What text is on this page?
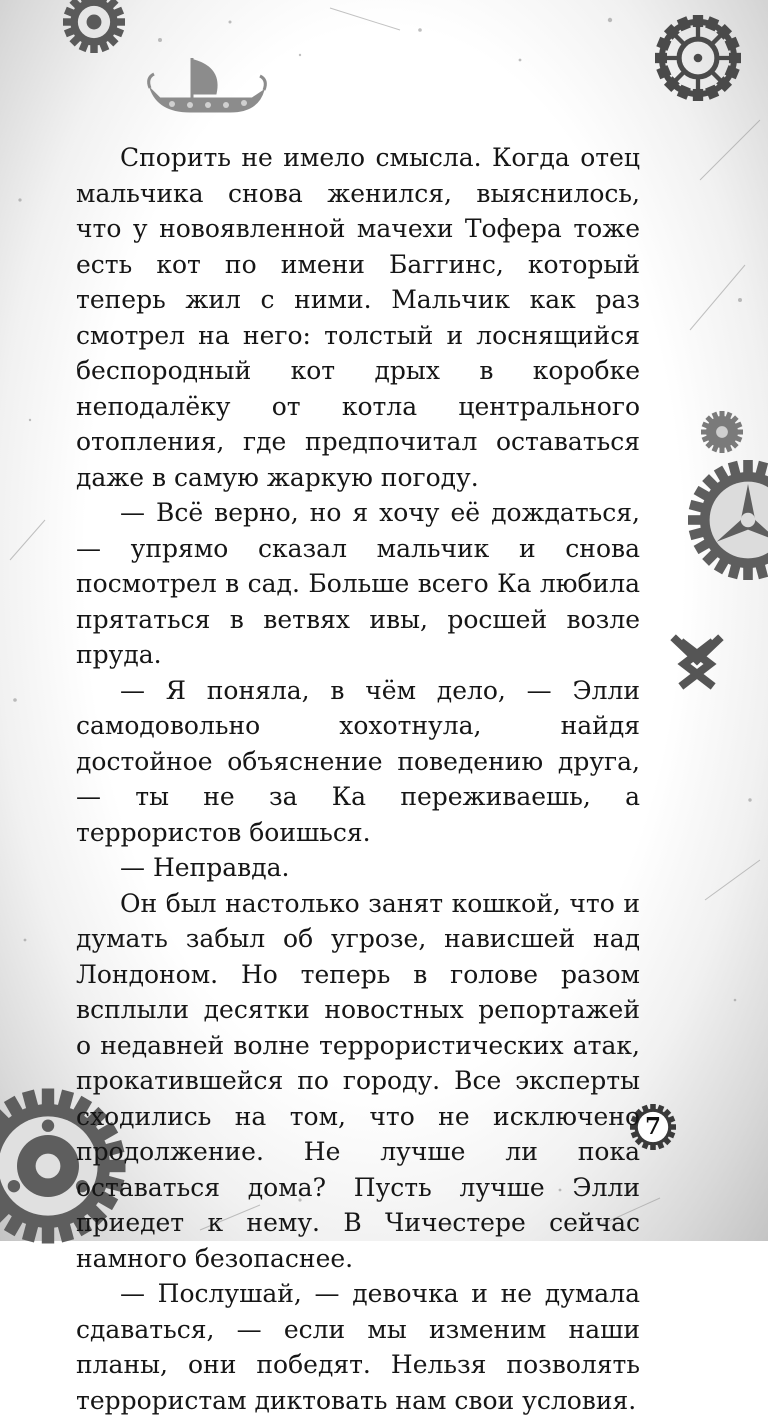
Спорить не имело смысла. Когда отец мальчика снова женился, выяснилось, что у новоявленной мачехи Тофера тоже есть кот по имени Баггинс, который теперь жил с ними. Мальчик как раз смотрел на него: толстый и лоснящийся беспородный кот дрых в коробке неподалёку от котла центрального отопления, где предпочитал оставаться даже в самую жаркую погоду.

— Всё верно, но я хочу её дождаться, — упрямо сказал мальчик и снова посмотрел в сад. Больше всего Ка любила прятаться в ветвях ивы, росшей возле пруда.

— Я поняла, в чём дело, — Элли самодовольно хохотнула, найдя достойное объяснение поведению друга, — ты не за Ка переживаешь, а террористов боишься.

— Неправда.

Он был настолько занят кошкой, что и думать забыл об угрозе, нависшей над Лондоном. Но теперь в голове разом всплыли десятки новостных репортажей о недавней волне террористических атак, прокатившейся по городу. Все эксперты сходились на том, что не исключено продолжение. Не лучше ли пока оставаться дома? Пусть лучше Элли приедет к нему. В Чичестере сейчас намного безопаснее.

— Послушай, — девочка и не думала сдаваться, — если мы изменим наши планы, они победят. Нельзя позволять террористам диктовать нам свои условия.

7
